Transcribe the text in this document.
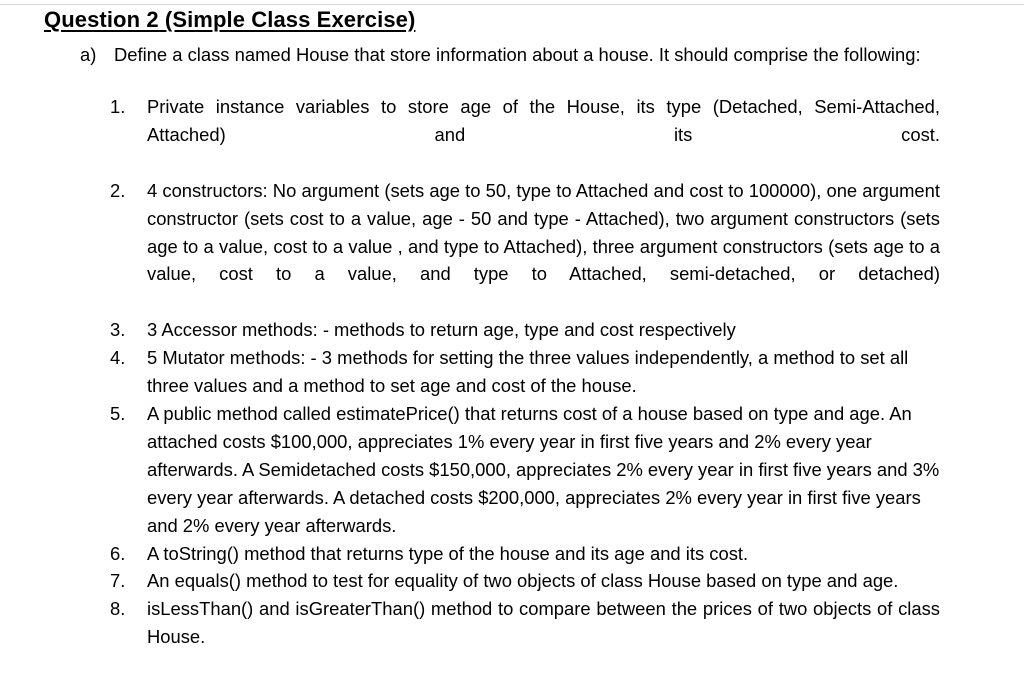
Question 2 (Simple Class Exercise)
a) Define a class named House that store information about a house. It should comprise the following:
1.	Private instance variables to store age of the House, its type (Detached, Semi-Attached, Attached) and its cost.
2.	4 constructors: No argument (sets age to 50, type to Attached and cost to 100000), one argument constructor (sets cost to a value, age - 50 and type - Attached), two argument constructors (sets age to a value, cost to a value , and type to Attached), three argument constructors (sets age to a value, cost to a value, and type to Attached, semi-detached, or detached)
3.	3 Accessor methods: - methods to return age, type and cost respectively
4.	5 Mutator methods: - 3 methods for setting the three values independently, a method to set all three values and a method to set age and cost of the house.
5.	A public method called estimatePrice() that returns cost of a house based on type and age. An attached costs $100,000, appreciates 1% every year in first five years and 2% every year afterwards. A Semidetached costs $150,000, appreciates 2% every year in first five years and 3% every year afterwards. A detached costs $200,000, appreciates 2% every year in first five years and 2% every year afterwards.
6.	A toString() method that returns type of the house and its age and its cost.
7.	An equals() method to test for equality of two objects of class House based on type and age.
8.	isLessThan() and isGreaterThan() method to compare between the prices of two objects of class House.
